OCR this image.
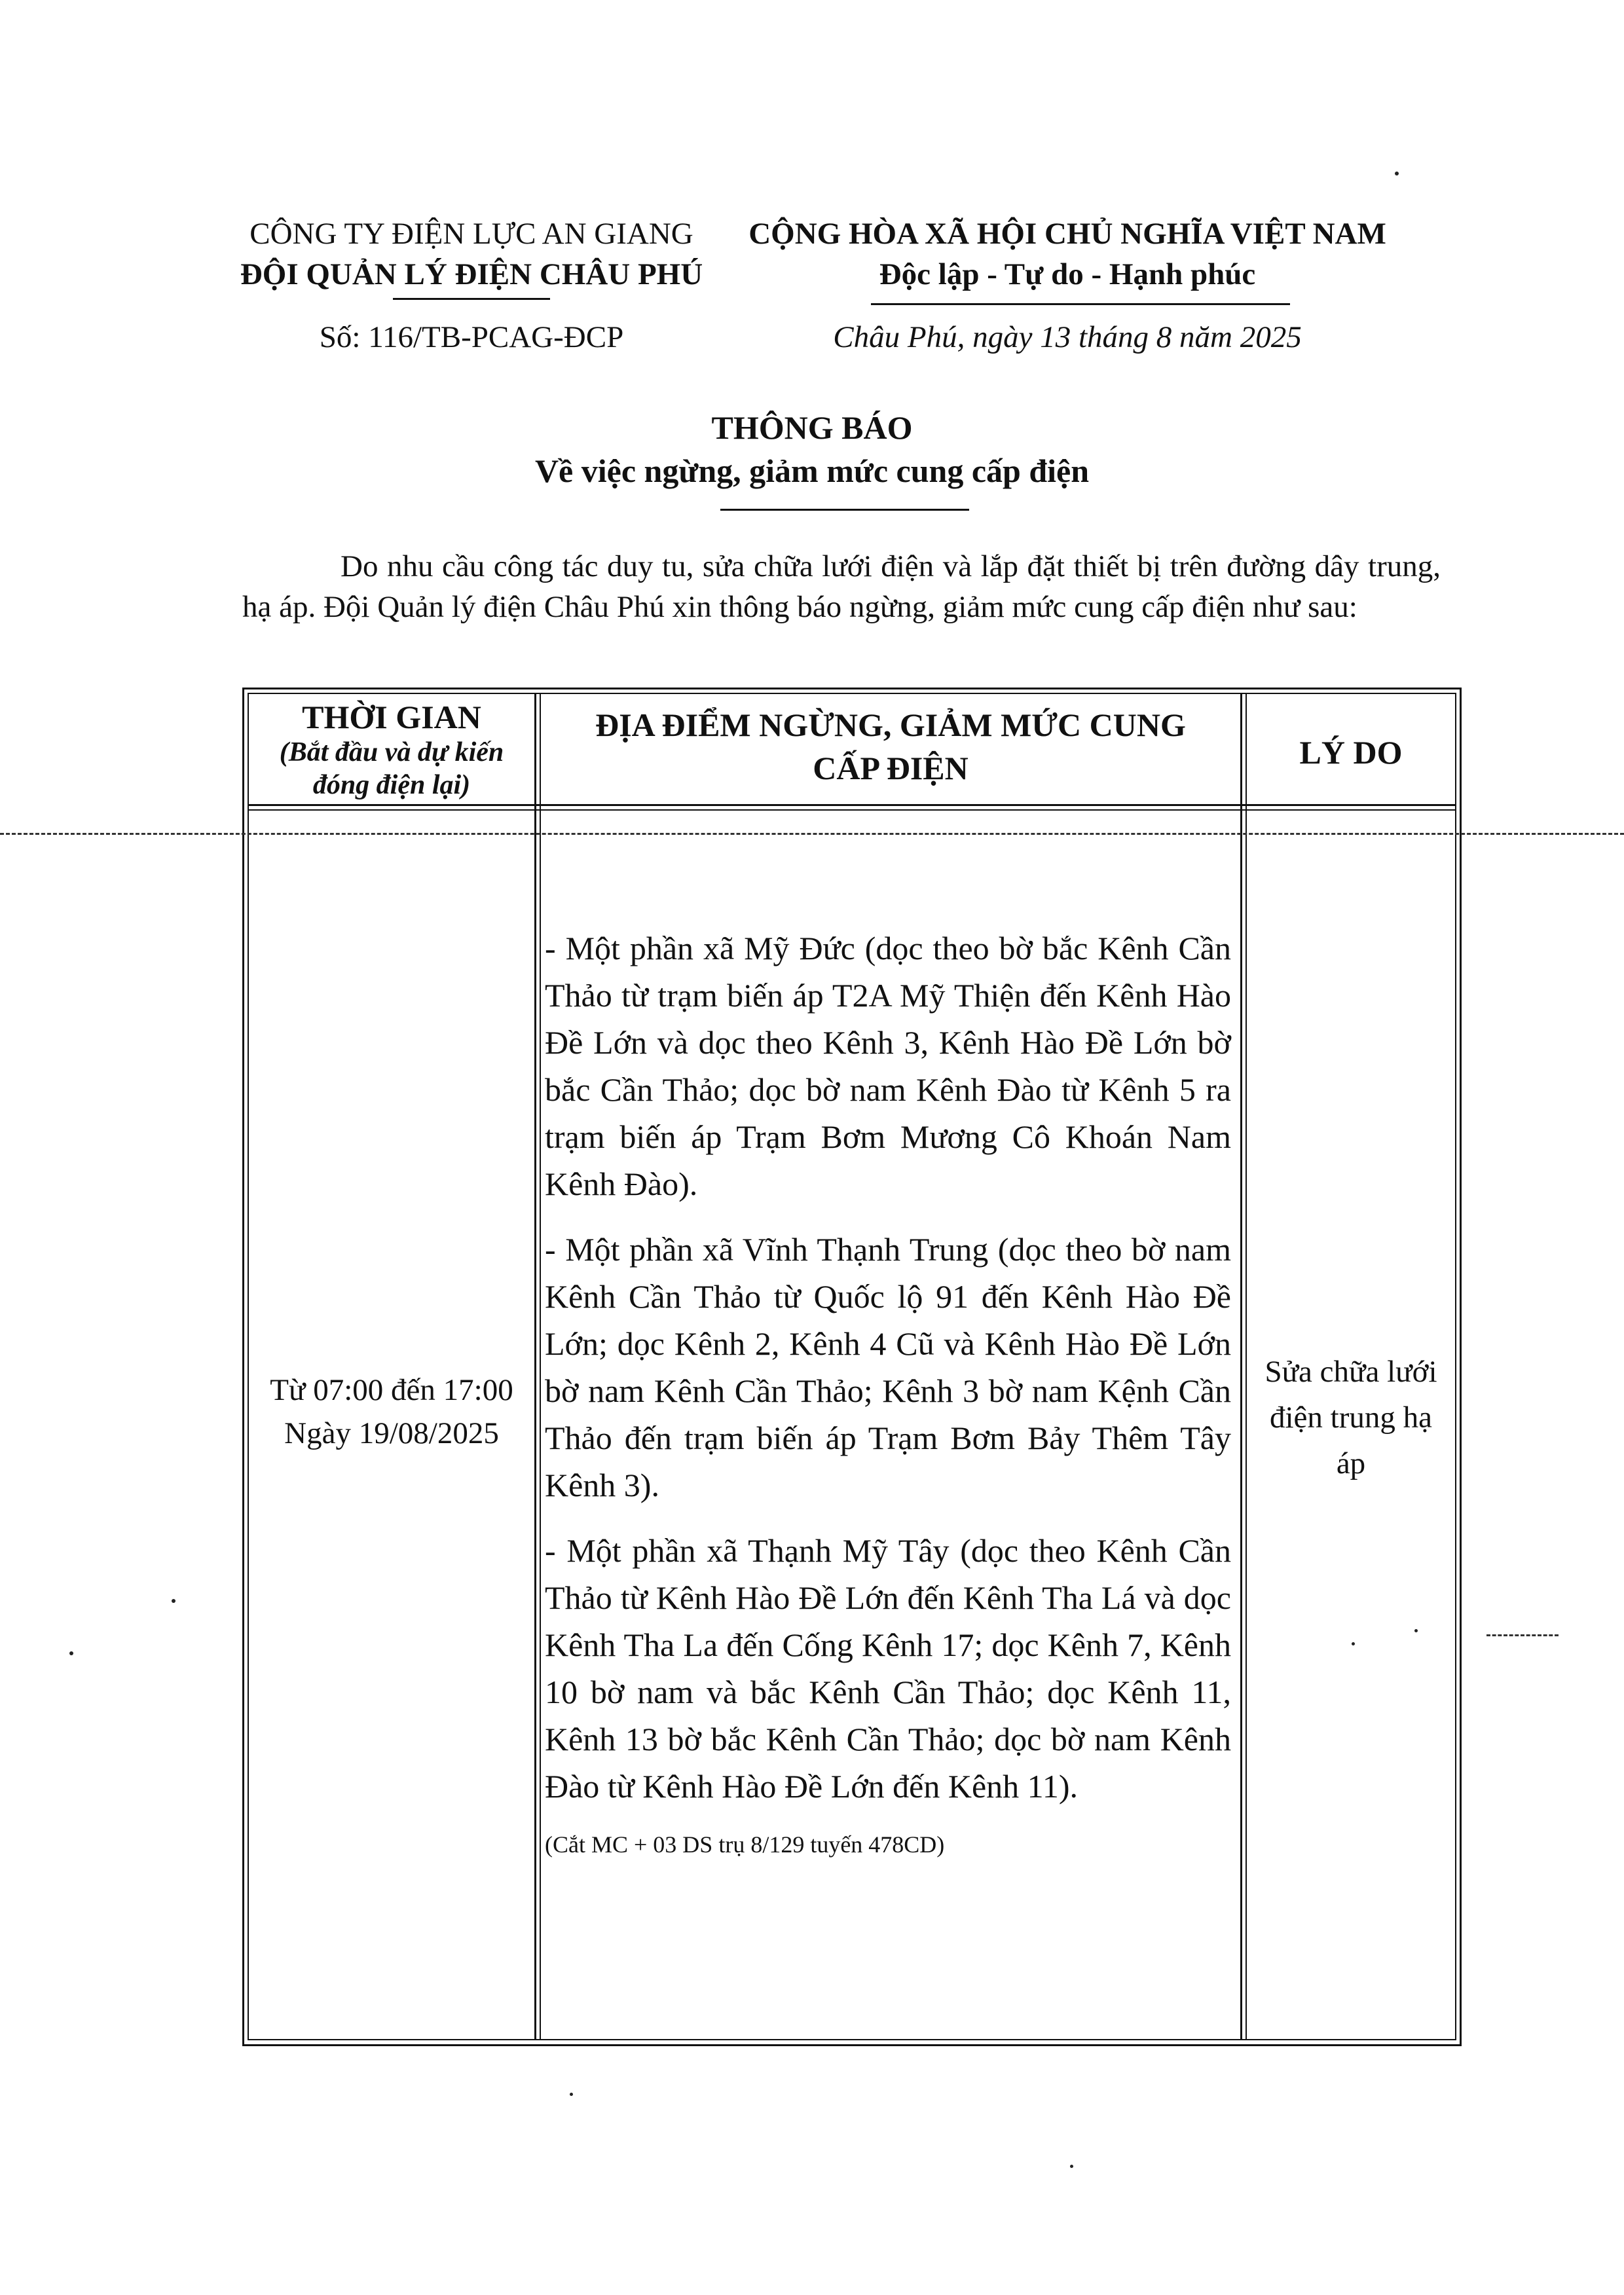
CÔNG TY ĐIỆN LỰC AN GIANG
ĐỘI QUẢN LÝ ĐIỆN CHÂU PHÚ
Số: 116/TB-PCAG-ĐCP
CỘNG HÒA XÃ HỘI CHỦ NGHĨA VIỆT NAM
Độc lập - Tự do - Hạnh phúc
Châu Phú, ngày 13 tháng 8 năm 2025
THÔNG BÁO
Về việc ngừng, giảm mức cung cấp điện

Do nhu cầu công tác duy tu, sửa chữa lưới điện và lắp đặt thiết bị trên đường dây trung, hạ áp. Đội Quản lý điện Châu Phú xin thông báo ngừng, giảm mức cung cấp điện như sau:

THỜI GIAN
(Bắt đầu và dự kiến đóng điện lại)
ĐỊA ĐIỂM NGỪNG, GIẢM MỨC CUNG CẤP ĐIỆN	LÝ DO
Từ 07:00 đến 17:00
Ngày 19/08/2025

- Một phần xã Mỹ Đức (dọc theo bờ bắc Kênh Cần Thảo từ trạm biến áp T2A Mỹ Thiện đến Kênh Hào Đề Lớn và dọc theo Kênh 3, Kênh Hào Đề Lớn bờ bắc Cần Thảo; dọc bờ nam Kênh Đào từ Kênh 5 ra trạm biến áp Trạm Bơm Mương Cô Khoán Nam Kênh Đào).

- Một phần xã Vĩnh Thạnh Trung (dọc theo bờ nam Kênh Cần Thảo từ Quốc lộ 91 đến Kênh Hào Đề Lớn; dọc Kênh 2, Kênh 4 Cũ và Kênh Hào Đề Lớn bờ nam Kênh Cần Thảo; Kênh 3 bờ nam Kệnh Cần Thảo đến trạm biến áp Trạm Bơm Bảy Thêm Tây Kênh 3).

- Một phần xã Thạnh Mỹ Tây (dọc theo Kênh Cần Thảo từ Kênh Hào Đề Lớn đến Kênh Tha Lá và dọc Kênh Tha La đến Cống Kênh 17; dọc Kênh 7, Kênh 10 bờ nam và bắc Kênh Cần Thảo; dọc Kênh 11, Kênh 13 bờ bắc Kênh Cần Thảo; dọc bờ nam Kênh Đào từ Kênh Hào Đề Lớn đến Kênh 11).

(Cắt MC + 03 DS trụ 8/129 tuyến 478CD)
Sửa chữa lưới điện trung hạ áp
